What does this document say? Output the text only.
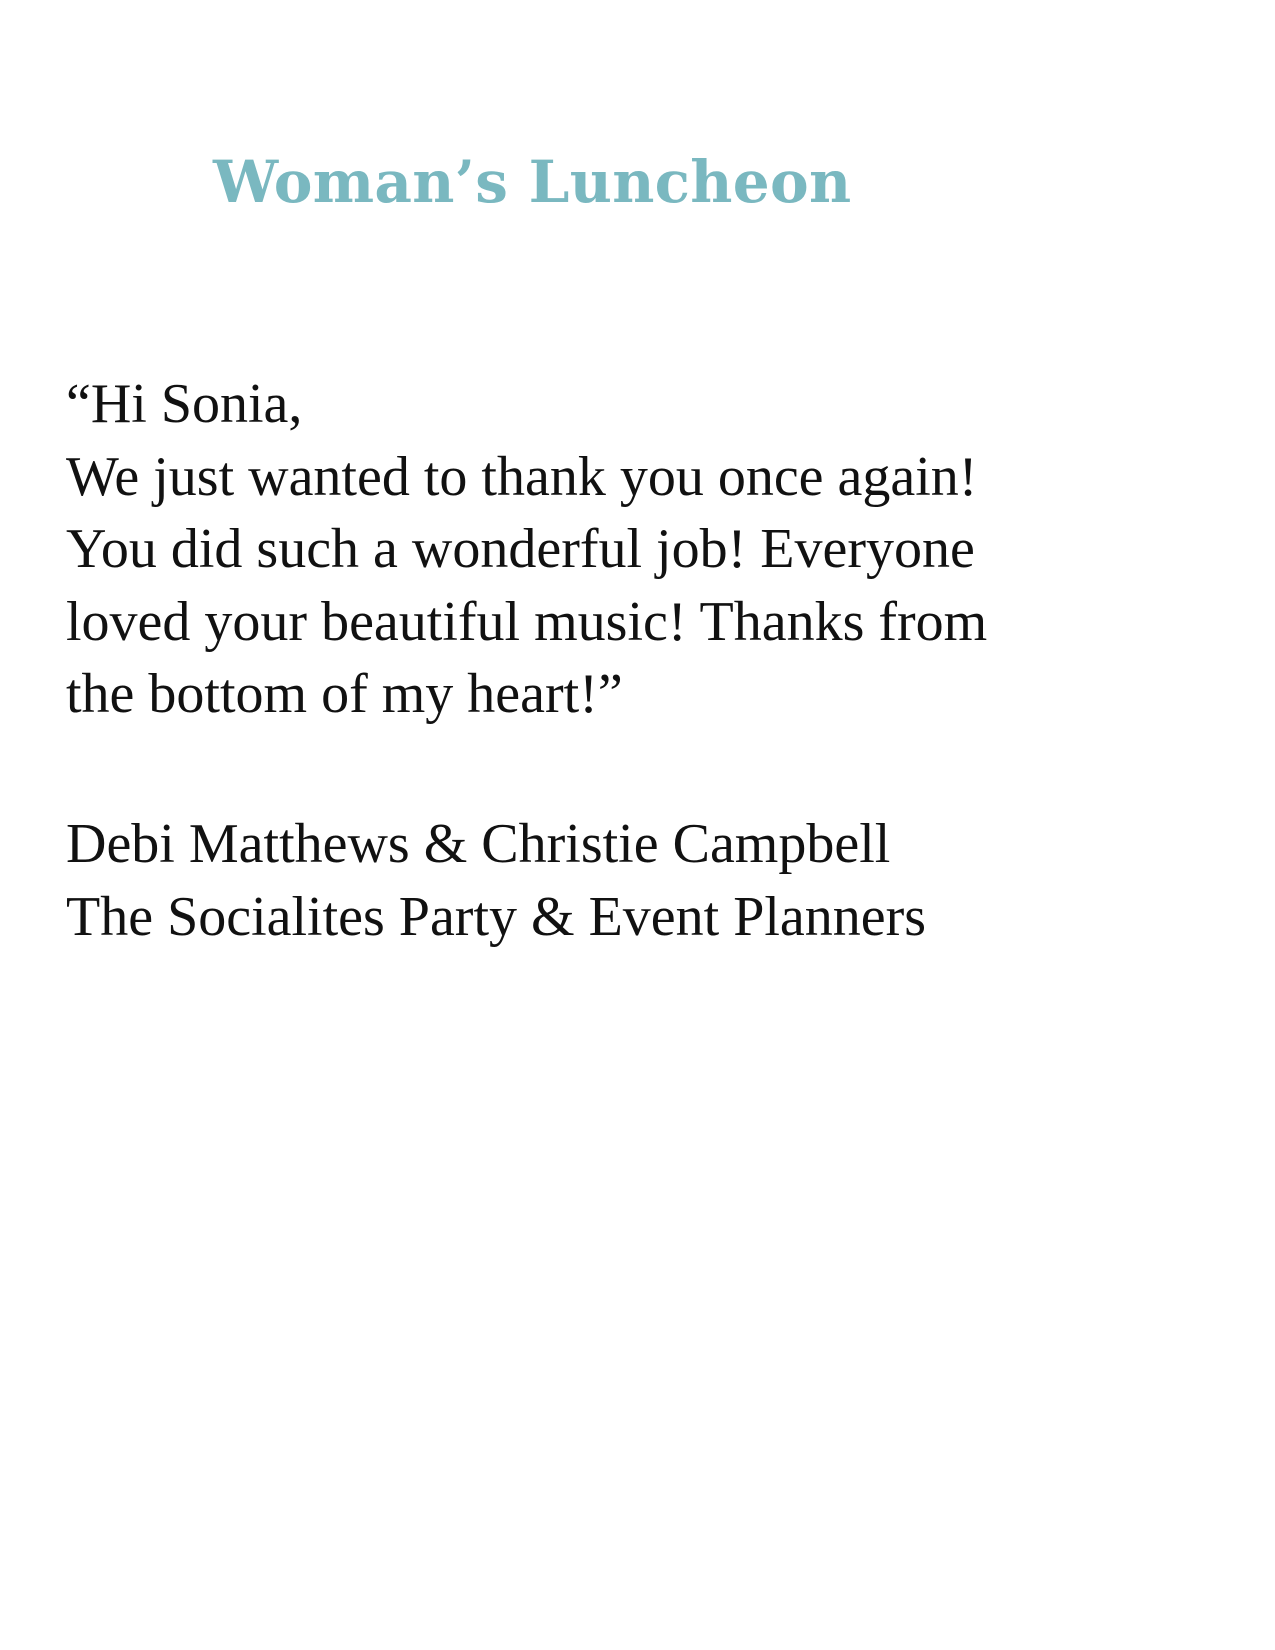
Woman’s Luncheon
“Hi Sonia,
We just wanted to thank you once again!
You did such a wonderful job! Everyone
loved your beautiful music! Thanks from
the bottom of my heart!”
Debi Matthews & Christie Campbell
The Socialites Party & Event Planners
